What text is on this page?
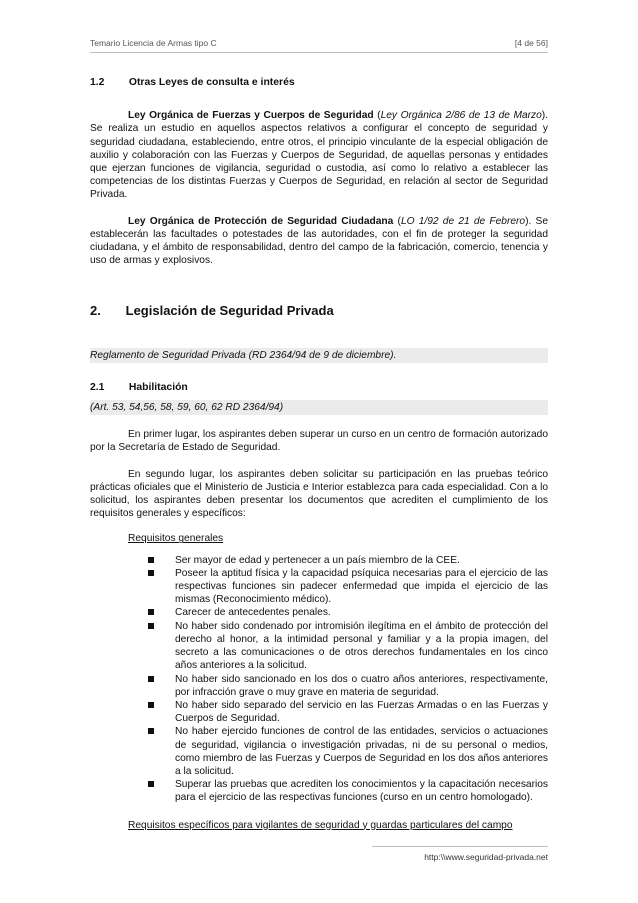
Temario Licencia de Armas tipo C	[4 de 56]
1.2 Otras Leyes de consulta e interés

Ley Orgánica de Fuerzas y Cuerpos de Seguridad (Ley Orgánica 2/86 de 13 de Marzo). Se realiza un estudio en aquellos aspectos relativos a configurar el concepto de seguridad y seguridad ciudadana, estableciendo, entre otros, el principio vinculante de la especial obligación de auxilio y colaboración con las Fuerzas y Cuerpos de Seguridad, de aquellas personas y entidades que ejerzan funciones de vigilancia, seguridad o custodia, así como lo relativo a establecer las competencias de los distintas Fuerzas y Cuerpos de Seguridad, en relación al sector de Seguridad Privada.

Ley Orgánica de Protección de Seguridad Ciudadana (LO 1/92 de 21 de Febrero). Se establecerán las facultades o potestades de las autoridades, con el fin de proteger la seguridad ciudadana, y el ámbito de responsabilidad, dentro del campo de la fabricación, comercio, tenencia y uso de armas y explosivos.

2. Legislación de Seguridad Privada
Reglamento de Seguridad Privada (RD 2364/94 de 9 de diciembre).
2.1 Habilitación
(Art. 53, 54,56, 58, 59, 60, 62 RD 2364/94)

En primer lugar, los aspirantes deben superar un curso en un centro de formación autorizado por la Secretaría de Estado de Seguridad.

En segundo lugar, los aspirantes deben solicitar su participación en las pruebas teórico prácticas oficiales que el Ministerio de Justicia e Interior establezca para cada especialidad. Con a lo solicitud, los aspirantes deben presentar los documentos que acrediten el cumplimiento de los requisitos generales y específicos:

Requisitos generales
Ser mayor de edad y pertenecer a un país miembro de la CEE.
Poseer la aptitud física y la capacidad psíquica necesarias para el ejercicio de las respectivas funciones sin padecer enfermedad que impida el ejercicio de las mismas (Reconocimiento médico).
Carecer de antecedentes penales.
No haber sido condenado por intromisión ilegítima en el ámbito de protección del derecho al honor, a la intimidad personal y familiar y a la propia imagen, del secreto a las comunicaciones o de otros derechos fundamentales en los cinco años anteriores a la solicitud.
No haber sido sancionado en los dos o cuatro años anteriores, respectivamente, por infracción grave o muy grave en materia de seguridad.
No haber sido separado del servicio en las Fuerzas Armadas o en las Fuerzas y Cuerpos de Seguridad.
No haber ejercido funciones de control de las entidades, servicios o actuaciones de seguridad, vigilancia o investigación privadas, ni de su personal o medios, como miembro de las Fuerzas y Cuerpos de Seguridad en los dos años anteriores a la solicitud.
Superar las pruebas que acrediten los conocimientos y la capacitación necesarios para el ejercicio de las respectivas funciones (curso en un centro homologado).
Requisitos específicos para vigilantes de seguridad y guardas particulares del campo
http:\\www.seguridad-privada.net
